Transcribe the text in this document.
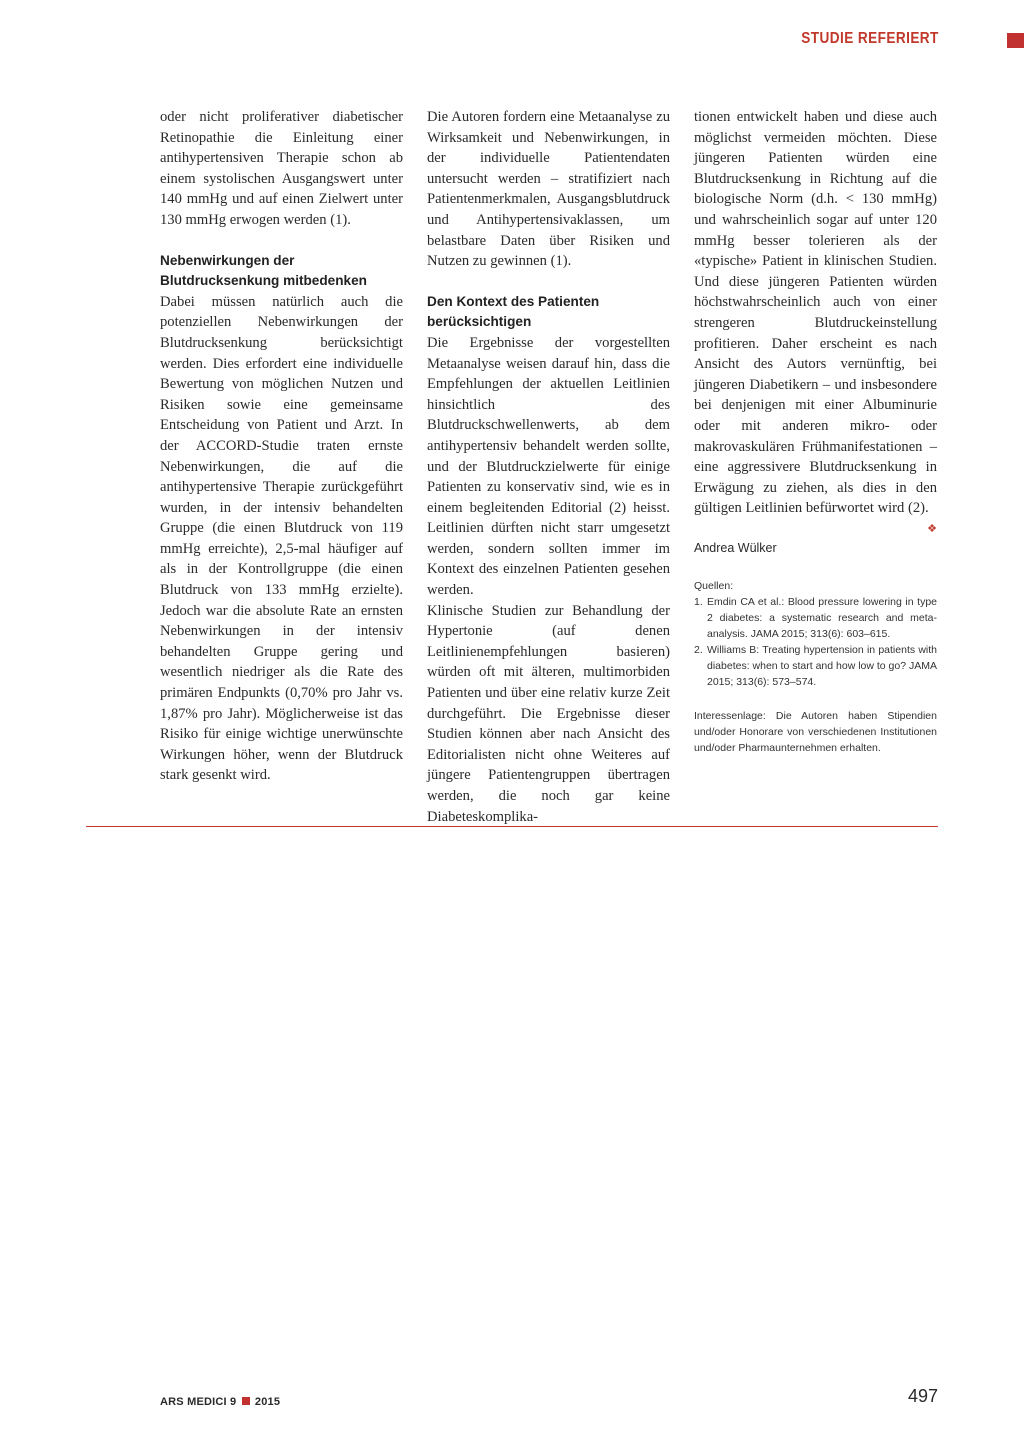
STUDIE REFERIERT

oder nicht proliferativer diabetischer Retinopathie die Einleitung einer antihypertensiven Therapie schon ab einem systolischen Ausgangswert unter 140 mmHg und auf einen Zielwert unter 130 mmHg erwogen werden (1).

Nebenwirkungen der Blutdrucksenkung mitbedenken

Dabei müssen natürlich auch die potenziellen Nebenwirkungen der Blutdrucksenkung berücksichtigt werden. Dies erfordert eine individuelle Bewertung von möglichen Nutzen und Risiken sowie eine gemeinsame Entscheidung von Patient und Arzt. In der ACCORD-Studie traten ernste Nebenwirkungen, die auf die antihypertensive Therapie zurückgeführt wurden, in der intensiv behandelten Gruppe (die einen Blutdruck von 119 mmHg erreichte), 2,5-mal häufiger auf als in der Kontrollgruppe (die einen Blutdruck von 133 mmHg erzielte). Jedoch war die absolute Rate an ernsten Nebenwirkungen in der intensiv behandelten Gruppe gering und wesentlich niedriger als die Rate des primären Endpunkts (0,70% pro Jahr vs. 1,87% pro Jahr). Möglicherweise ist das Risiko für einige wichtige unerwünschte Wirkungen höher, wenn der Blutdruck stark gesenkt wird.

Die Autoren fordern eine Metaanalyse zu Wirksamkeit und Nebenwirkungen, in der individuelle Patientendaten untersucht werden – stratifiziert nach Patientenmerkmalen, Ausgangsblutdruck und Antihypertensivaklassen, um belastbare Daten über Risiken und Nutzen zu gewinnen (1).

Den Kontext des Patienten berücksichtigen

Die Ergebnisse der vorgestellten Metaanalyse weisen darauf hin, dass die Empfehlungen der aktuellen Leitlinien hinsichtlich des Blutdruckschwellenwerts, ab dem antihypertensiv behandelt werden sollte, und der Blutdruckzielwerte für einige Patienten zu konservativ sind, wie es in einem begleitenden Editorial (2) heisst. Leitlinien dürften nicht starr umgesetzt werden, sondern sollten immer im Kontext des einzelnen Patienten gesehen werden.

Klinische Studien zur Behandlung der Hypertonie (auf denen Leitlinienempfehlungen basieren) würden oft mit älteren, multimorbiden Patienten und über eine relativ kurze Zeit durchgeführt. Die Ergebnisse dieser Studien können aber nach Ansicht des Editorialisten nicht ohne Weiteres auf jüngere Patientengruppen übertragen werden, die noch gar keine Diabeteskomplika-

tionen entwickelt haben und diese auch möglichst vermeiden möchten. Diese jüngeren Patienten würden eine Blutdrucksenkung in Richtung auf die biologische Norm (d.h. < 130 mmHg) und wahrscheinlich sogar auf unter 120 mmHg besser tolerieren als der «typische» Patient in klinischen Studien. Und diese jüngeren Patienten würden höchstwahrscheinlich auch von einer strengeren Blutdruckeinstellung profitieren. Daher erscheint es nach Ansicht des Autors vernünftig, bei jüngeren Diabetikern – und insbesondere bei denjenigen mit einer Albuminurie oder mit anderen mikro- oder makrovaskulären Frühmanifestationen – eine aggressivere Blutdrucksenkung in Erwägung zu ziehen, als dies in den gültigen Leitlinien befürwortet wird (2).
❖

Andrea Wülker
Quellen:
1. Emdin CA et al.: Blood pressure lowering in type 2 diabetes: a systematic research and meta-analysis. JAMA 2015; 313(6): 603–615.
2. Williams B: Treating hypertension in patients with diabetes: when to start and how low to go? JAMA 2015; 313(6): 573–574.
Interessenlage: Die Autoren haben Stipendien und/oder Honorare von verschiedenen Institutionen und/oder Pharmaunternehmen erhalten.
ARS MEDICI 9 2015	497
